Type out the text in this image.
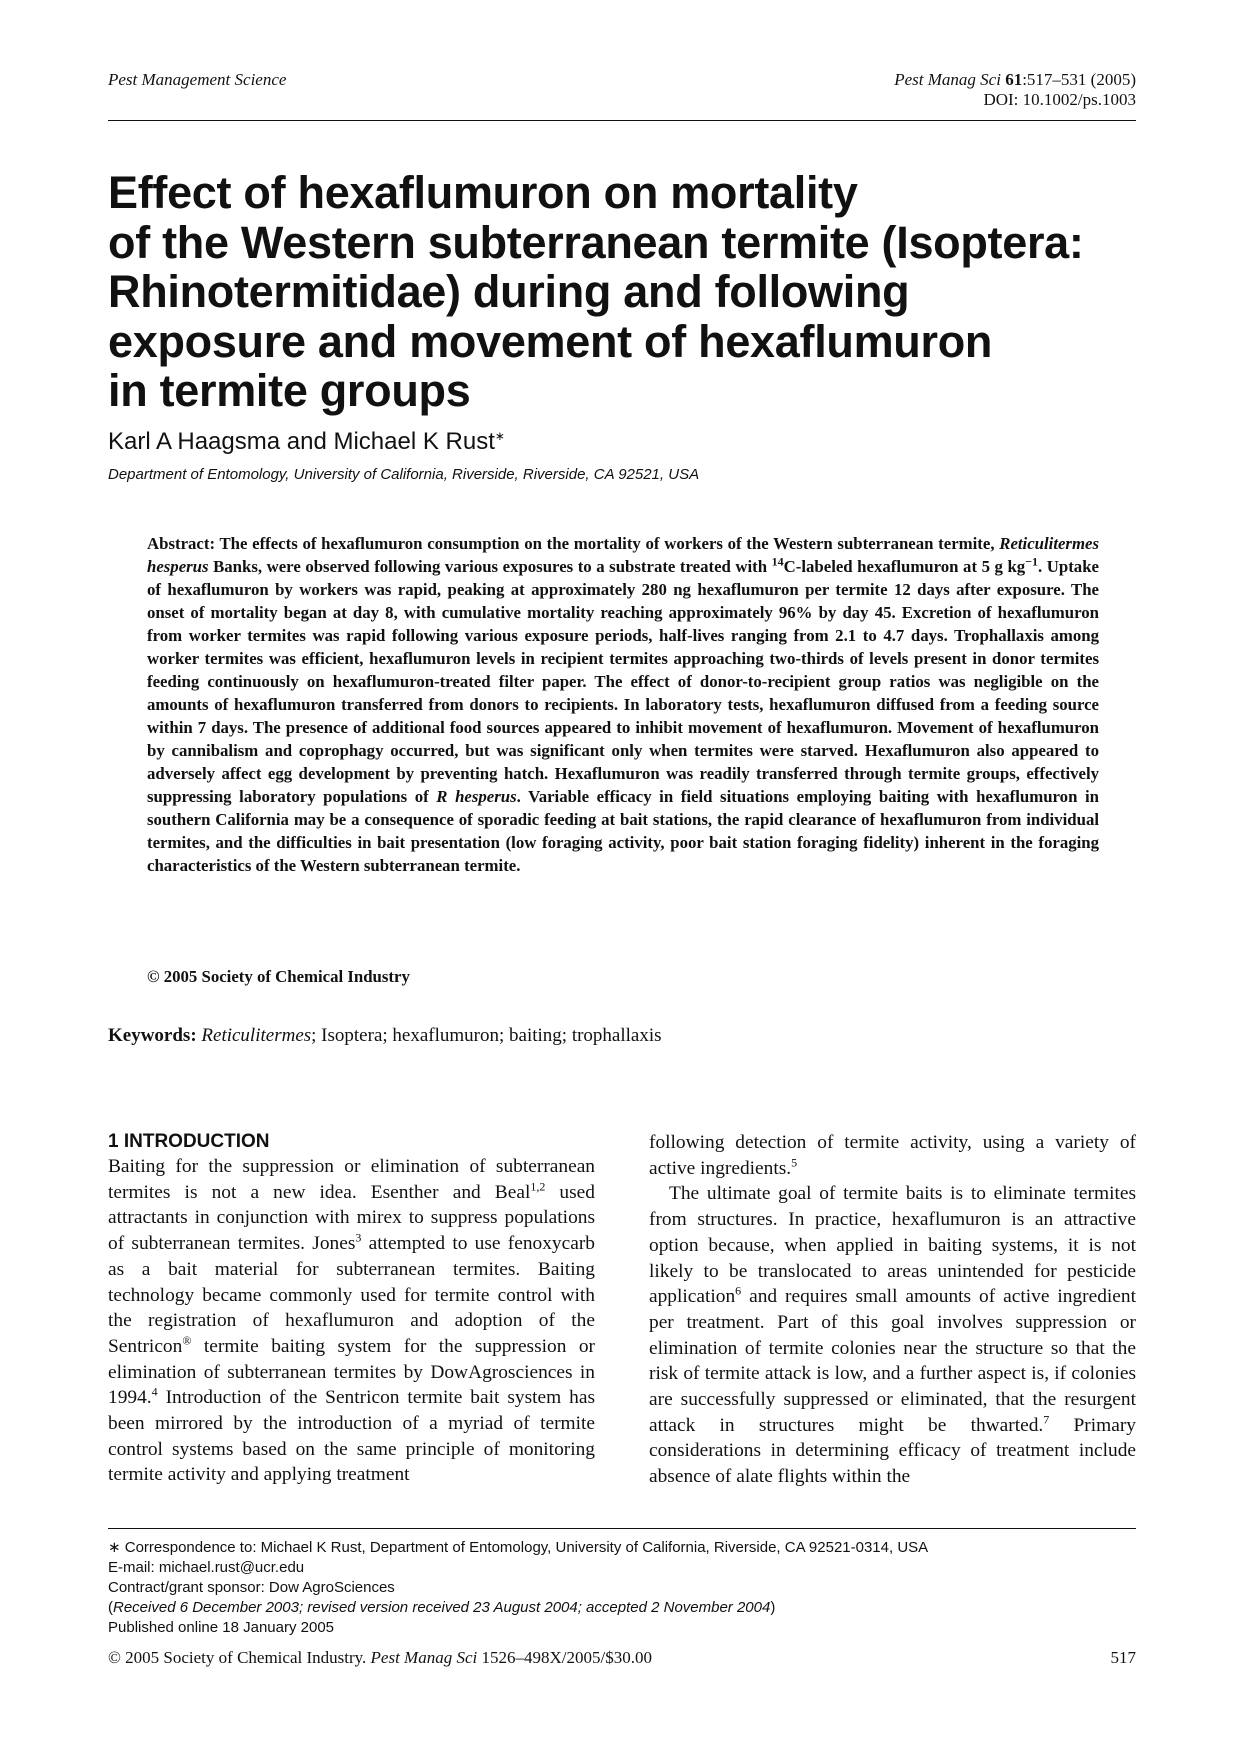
Pest Management Science	Pest Manag Sci 61:517–531 (2005)
DOI: 10.1002/ps.1003
Effect of hexaflumuron on mortality
of the Western subterranean termite (Isoptera:
Rhinotermitidae) during and following
exposure and movement of hexaflumuron
in termite groups
Karl A Haagsma and Michael K Rust∗
Department of Entomology, University of California, Riverside, Riverside, CA 92521, USA

Abstract: The effects of hexaflumuron consumption on the mortality of workers of the Western subterranean termite, Reticulitermes hesperus Banks, were observed following various exposures to a substrate treated with $^{14}$C-labeled hexaflumuron at 5 g $kg^{-1}$. Uptake of hexaflumuron by workers was rapid, peaking at approximately 280 ng hexaflumuron per termite 12 days after exposure. The onset of mortality began at day 8, with cumulative mortality reaching approximately 96% by day 45. Excretion of hexaflumuron from worker termites was rapid following various exposure periods, half-lives ranging from 2.1 to 4.7 days. Trophallaxis among worker termites was efficient, hexaflumuron levels in recipient termites approaching two-thirds of levels present in donor termites feeding continuously on hexaflumuron-treated filter paper. The effect of donor-to-recipient group ratios was negligible on the amounts of hexaflumuron transferred from donors to recipients. In laboratory tests, hexaflumuron diffused from a feeding source within 7 days. The presence of additional food sources appeared to inhibit movement of hexaflumuron. Movement of hexaflumuron by cannibalism and coprophagy occurred, but was significant only when termites were starved. Hexaflumuron also appeared to adversely affect egg development by preventing hatch. Hexaflumuron was readily transferred through termite groups, effectively suppressing laboratory populations of R hesperus. Variable efficacy in field situations employing baiting with hexaflumuron in southern California may be a consequence of sporadic feeding at bait stations, the rapid clearance of hexaflumuron from individual termites, and the difficulties in bait presentation (low foraging activity, poor bait station foraging fidelity) inherent in the foraging characteristics of the Western subterranean termite.

© 2005 Society of Chemical Industry
Keywords: Reticulitermes; Isoptera; hexaflumuron; baiting; trophallaxis
1 INTRODUCTION

Baiting for the suppression or elimination of subterranean termites is not a new idea. Esenther and Beal$^{1,2}$ used attractants in conjunction with mirex to suppress populations of subterranean termites. Jones$^3$ attempted to use fenoxycarb as a bait material for subterranean termites. Baiting technology became commonly used for termite control with the registration of hexaflumuron and adoption of the Sentricon® termite baiting system for the suppression or elimination of subterranean termites by DowAgrosciences in 1994.$^4$ Introduction of the Sentricon termite bait system has been mirrored by the introduction of a myriad of termite control systems based on the same principle of monitoring termite activity and applying treatment

following detection of termite activity, using a variety of active ingredients.$^5$

The ultimate goal of termite baits is to eliminate termites from structures. In practice, hexaflumuron is an attractive option because, when applied in baiting systems, it is not likely to be translocated to areas unintended for pesticide application$^6$ and requires small amounts of active ingredient per treatment. Part of this goal involves suppression or elimination of termite colonies near the structure so that the risk of termite attack is low, and a further aspect is, if colonies are successfully suppressed or eliminated, that the resurgent attack in structures might be thwarted.$^7$ Primary considerations in determining efficacy of treatment include absence of alate flights within the

∗ Correspondence to: Michael K Rust, Department of Entomology, University of California, Riverside, CA 92521-0314, USA
E-mail: michael.rust@ucr.edu
Contract/grant sponsor: Dow AgroSciences
(Received 6 December 2003; revised version received 23 August 2004; accepted 2 November 2004)
Published online 18 January 2005
© 2005 Society of Chemical Industry. Pest Manag Sci 1526–498X/2005/$30.00	517
